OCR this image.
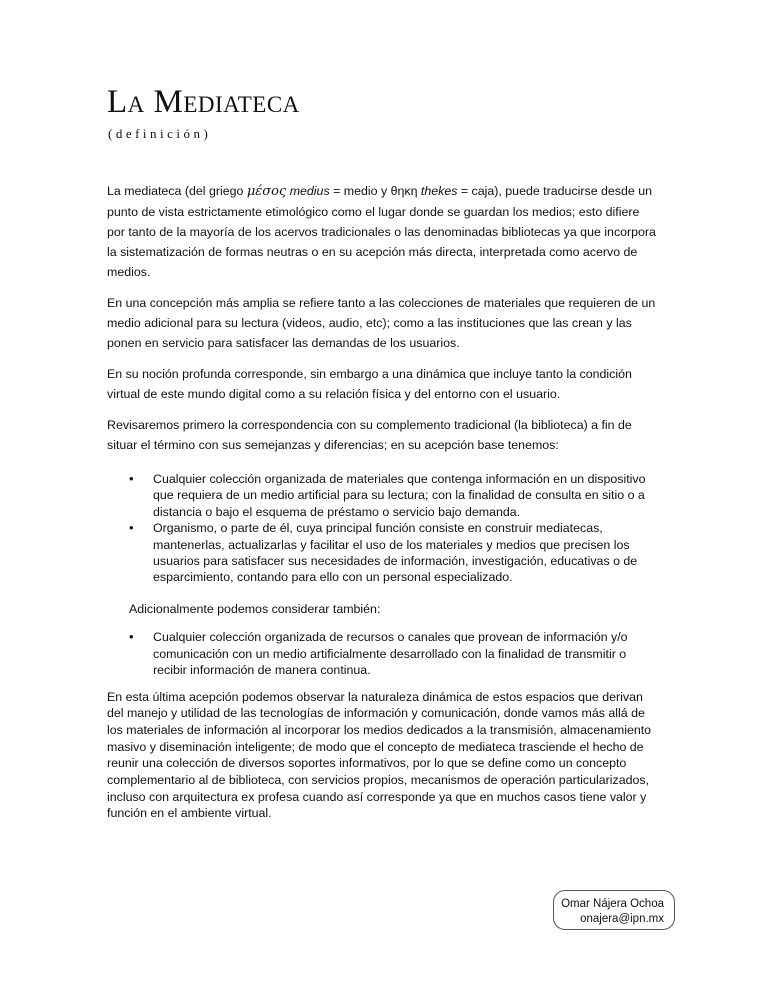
La Mediateca
(definición)

La mediateca (del griego μέσος medius = medio y θηκη thekes = caja), puede traducirse desde un punto de vista estrictamente etimológico como el lugar donde se guardan los medios; esto difiere por tanto de la mayoría de los acervos tradicionales o las denominadas bibliotecas ya que incorpora la sistematización de formas neutras o en su acepción más directa, interpretada como acervo de medios.

En una concepción más amplia se refiere tanto a las colecciones de materiales que requieren de un medio adicional para su lectura (videos, audio, etc); como a las instituciones que las crean y las ponen en servicio para satisfacer las demandas de los usuarios.

En su noción profunda corresponde, sin embargo a una dinámica que incluye tanto la condición virtual de este mundo digital como a su relación física y del entorno con el usuario.

Revisaremos primero la correspondencia con su complemento tradicional (la biblioteca) a fin de situar el término con sus semejanzas y diferencias; en su acepción base tenemos:

• Cualquier colección organizada de materiales que contenga información en un dispositivo que requiera de un medio artificial para su lectura; con la finalidad de consulta en sitio o a distancia o bajo el esquema de préstamo o servicio bajo demanda.
• Organismo, o parte de él, cuya principal función consiste en construir mediatecas, mantenerlas, actualizarlas y facilitar el uso de los materiales y medios que precisen los usuarios para satisfacer sus necesidades de información, investigación, educativas o de esparcimiento, contando para ello con un personal especializado.

Adicionalmente podemos considerar también:

• Cualquier colección organizada de recursos o canales que provean de información y/o comunicación con un medio artificialmente desarrollado con la finalidad de transmitir o recibir información de manera continua.

En esta última acepción podemos observar la naturaleza dinámica de estos espacios que derivan del manejo y utilidad de las tecnologías de información y comunicación, donde vamos más allá de los materiales de información al incorporar los medios dedicados a la transmisión, almacenamiento masivo y diseminación inteligente; de modo que el concepto de mediateca trasciende el hecho de reunir una colección de diversos soportes informativos, por lo que se define como un concepto complementario al de biblioteca, con servicios propios, mecanismos de operación particularizados, incluso con arquitectura ex profesa cuando así corresponde ya que en muchos casos tiene valor y función en el ambiente virtual.

Omar Nájera Ochoa
onajera@ipn.mx
